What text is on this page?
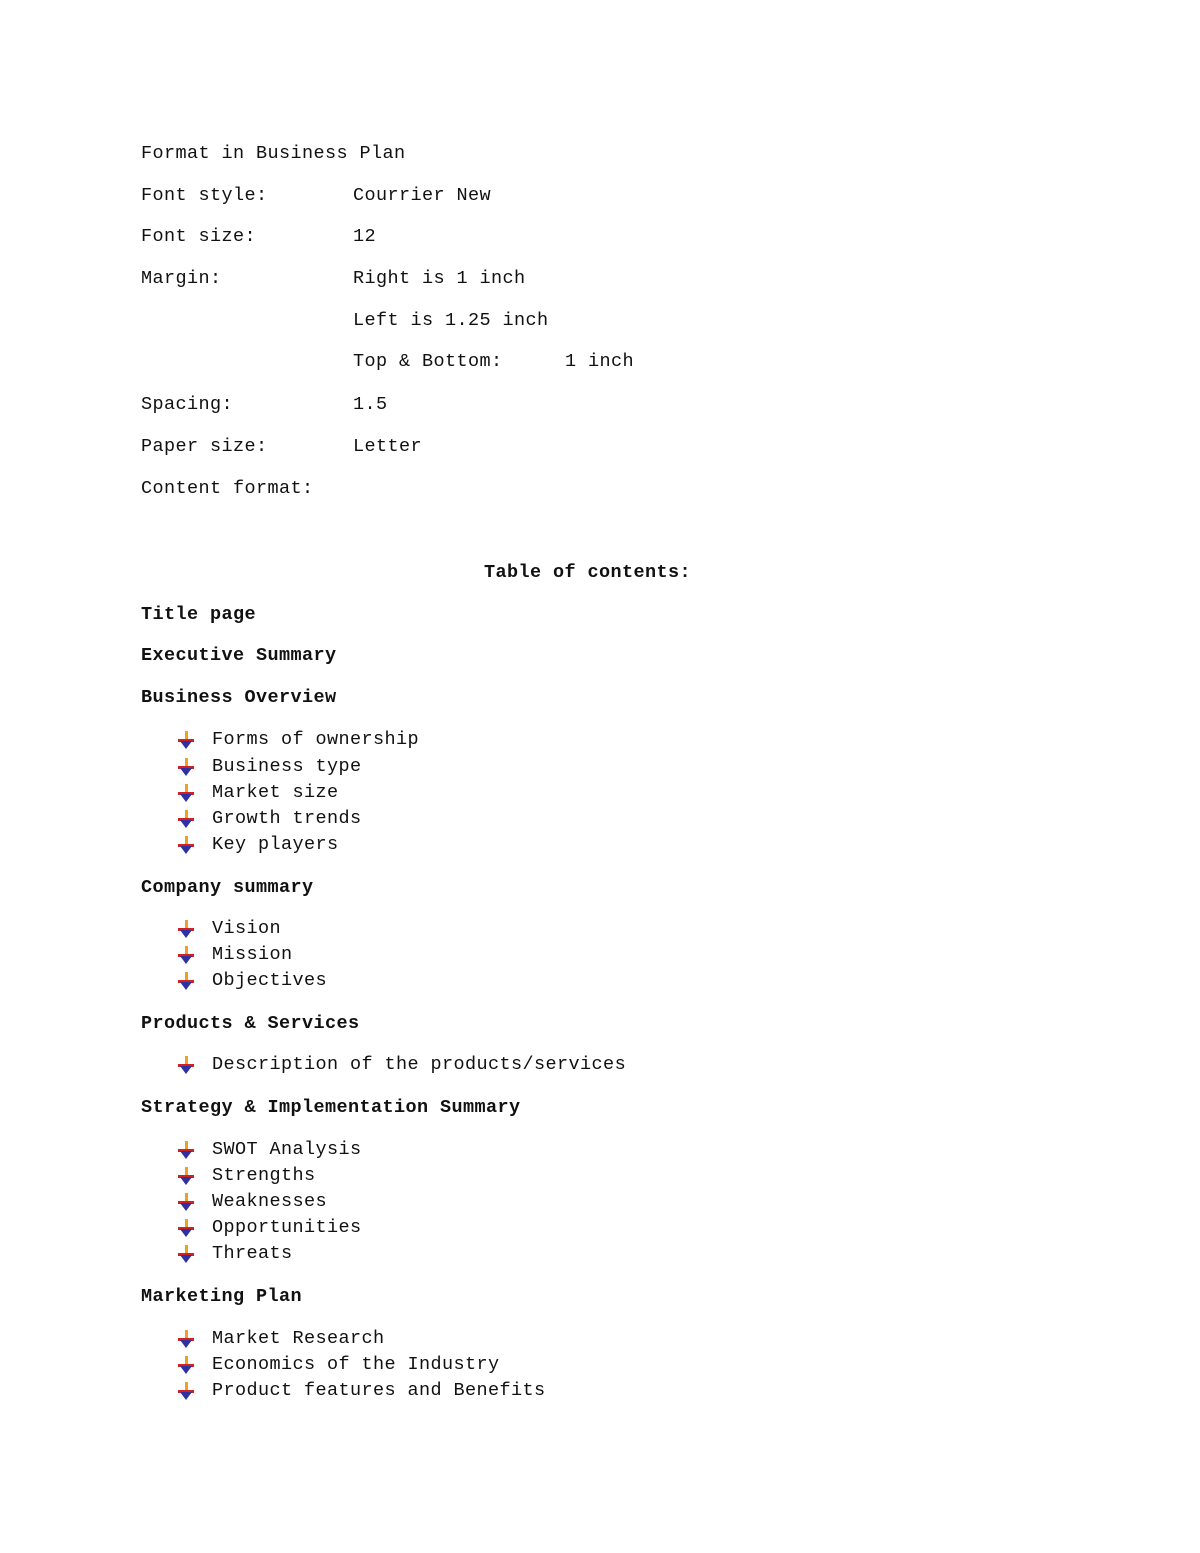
Format in Business Plan
Font style:	Courrier New
Font size:	12
Margin:	Right is 1 inch
Left is 1.25 inch
Top & Bottom:	1 inch
Spacing:	1.5
Paper size:	Letter
Content format:
Table of contents:
Title page
Executive Summary
Business Overview
Forms of ownership
Business type
Market size
Growth trends
Key players
Company summary
Vision
Mission
Objectives
Products & Services
Description of the products/services
Strategy & Implementation Summary
SWOT Analysis
Strengths
Weaknesses
Opportunities
Threats
Marketing Plan
Market Research
Economics of the Industry
Product features and Benefits
